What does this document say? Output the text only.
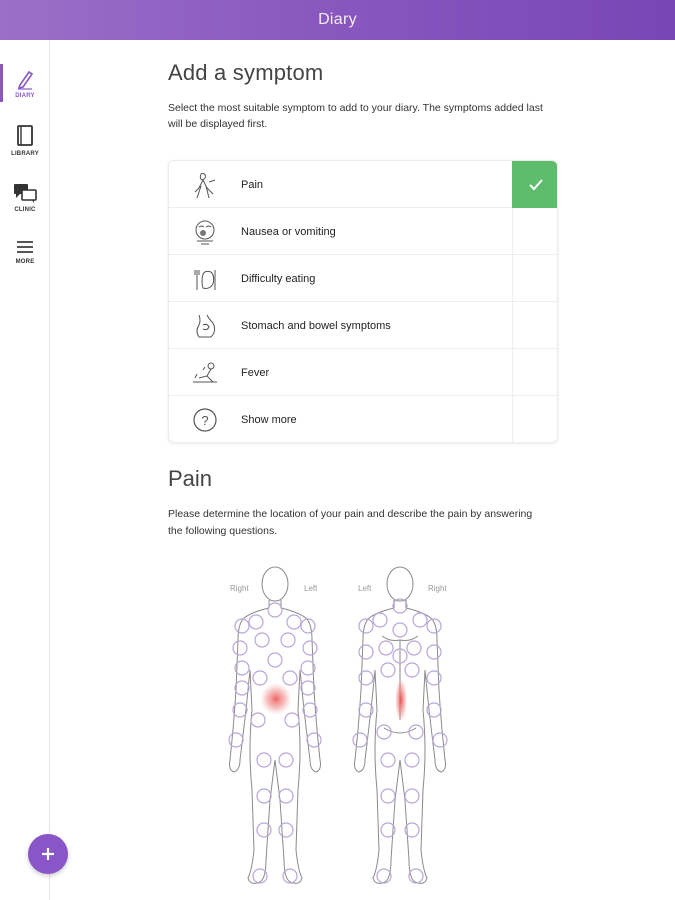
Diary
DIARY
LIBRARY
CLINIC
MORE
Add a symptom
Select the most suitable symptom to add to your diary. The symptoms added last will be displayed first.
Pain
Nausea or vomiting
Difficulty eating
Stomach and bowel symptoms
Fever
?	Show more
Pain
Please determine the location of your pain and describe the pain by answering the following questions.
Right	Left	Left	Right
